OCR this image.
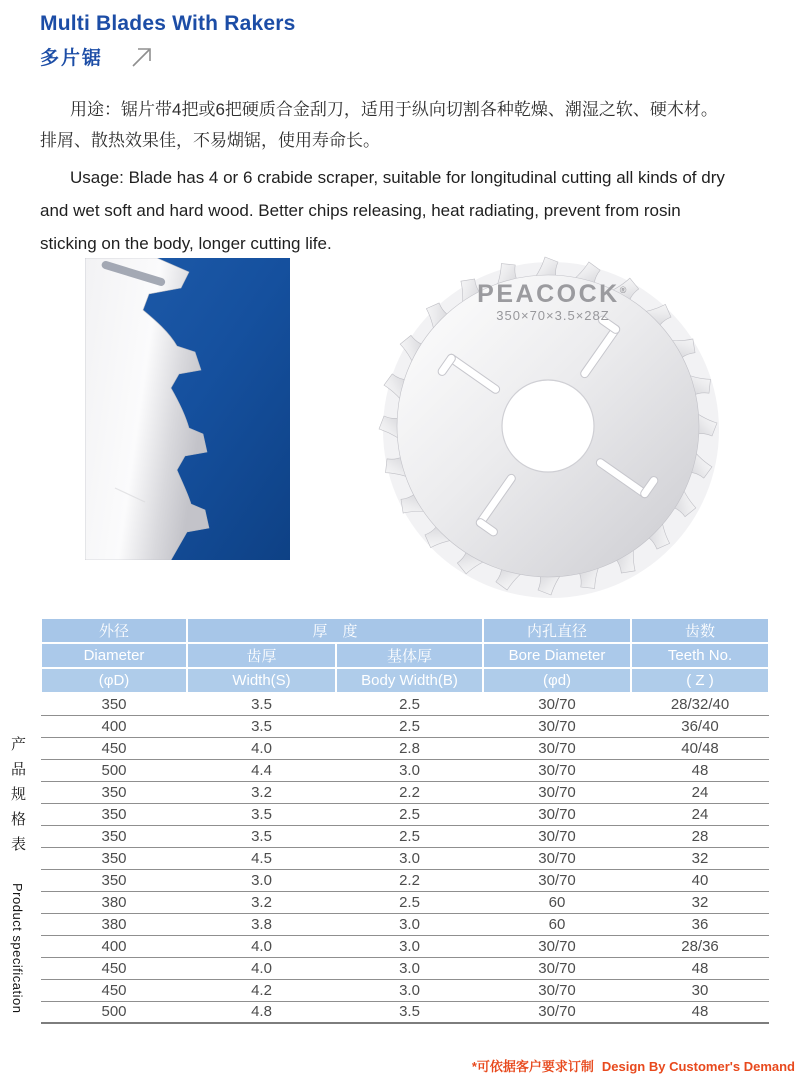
Multi Blades With Rakers
多片锯

用途：锯片带4把或6把硬质合金刮刀，适用于纵向切割各种乾燥、潮湿之软、硬木材。排屑、散热效果佳，不易煳锯，使用寿命长。

Usage: Blade has 4 or 6 crabide scraper, suitable for longitudinal cutting all kinds of dry and wet soft and hard wood. Better chips releasing, heat radiating, prevent from rosin sticking on the body, longer cutting life.

PEACOCK®
350×70×3.5×28Z
产品规格表 Product specification
外径	厚　度		内孔直径	齿数
Diameter	齿厚	基体厚	Bore Diameter	Teeth No.
(φD)	Width(S)	Body Width(B)	(φd)	( Z )
350	3.5	2.5	30/70	28/32/40
400	3.5	2.5	30/70	36/40
450	4.0	2.8	30/70	40/48
500	4.4	3.0	30/70	48
350	3.2	2.2	30/70	24
350	3.5	2.5	30/70	24
350	3.5	2.5	30/70	28
350	4.5	3.0	30/70	32
350	3.0	2.2	30/70	40
380	3.2	2.5	60	32
380	3.8	3.0	60	36
400	4.0	3.0	30/70	28/36
450	4.0	3.0	30/70	48
450	4.2	3.0	30/70	30
500	4.8	3.5	30/70	48
*可依据客户要求订制 Design By Customer's Demand
